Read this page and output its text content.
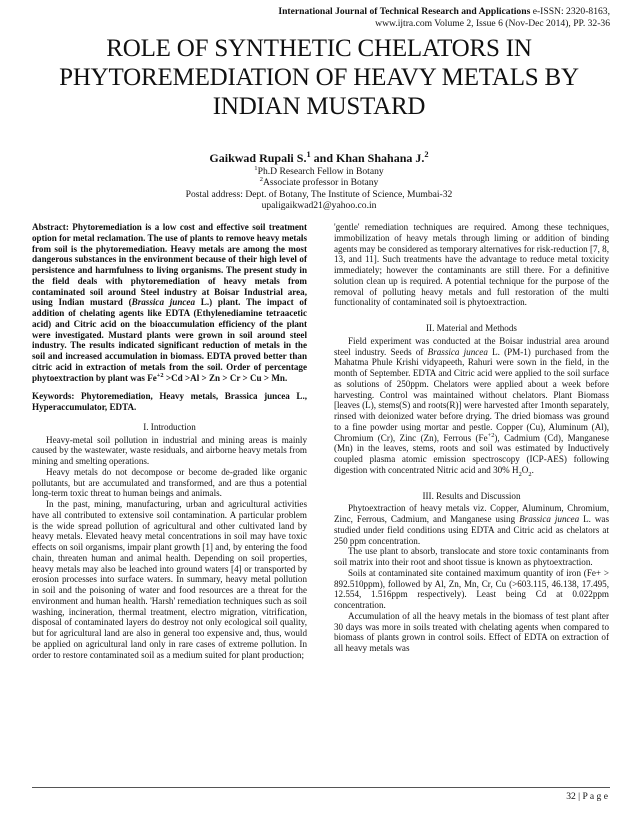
International Journal of Technical Research and Applications e-ISSN: 2320-8163,
www.ijtra.com Volume 2, Issue 6 (Nov-Dec 2014), PP. 32-36
ROLE OF SYNTHETIC CHELATORS IN PHYTOREMEDIATION OF HEAVY METALS BY INDIAN MUSTARD
Gaikwad Rupali S.$^1$ and Khan Shahana J.$^2$
$^1$Ph.D Research Fellow in Botany
$^2$Associate professor in Botany
Postal address: Dept. of Botany, The Institute of Science, Mumbai-32
upaligaikwad21@yahoo.co.in

Abstract: Phytoremediation is a low cost and effective soil treatment option for metal reclamation. The use of plants to remove heavy metals from soil is the phytoremediation. Heavy metals are among the most dangerous substances in the environment because of their high level of persistence and harmfulness to living organisms. The present study in the field deals with phytoremediation of heavy metals from contaminated soil around Steel industry at Boisar Industrial area, using Indian mustard (Brassica juncea L.) plant. The impact of addition of chelating agents like EDTA (Ethylenediamine tetraacetic acid) and Citric acid on the bioaccumulation efficiency of the plant were investigated. Mustard plants were grown in soil around steel industry. The results indicated significant reduction of metals in the soil and increased accumulation in biomass. EDTA proved better than citric acid in extraction of metals from the soil. Order of percentage phytoextraction by plant was $Fe^{+2} >Cd >Al > Zn > Cr > Cu > Mn$.

Keywords: Phytoremediation, Heavy metals, Brassica juncea L., Hyperaccumulator, EDTA.

I. Introduction

Heavy-metal soil pollution in industrial and mining areas is mainly caused by the wastewater, waste residuals, and airborne heavy metals from mining and smelting operations.

Heavy metals do not decompose or become de-graded like organic pollutants, but are accumulated and transformed, and are thus a potential long-term toxic threat to human beings and animals.

In the past, mining, manufacturing, urban and agricultural activities have all contributed to extensive soil contamination. A particular problem is the wide spread pollution of agricultural and other cultivated land by heavy metals. Elevated heavy metal concentrations in soil may have toxic effects on soil organisms, impair plant growth [1] and, by entering the food chain, threaten human and animal health. Depending on soil properties, heavy metals may also be leached into ground waters [4] or transported by erosion processes into surface waters. In summary, heavy metal pollution in soil and the poisoning of water and food resources are a threat for the environment and human health. 'Harsh' remediation techniques such as soil washing, incineration, thermal treatment, electro migration, vitrification, disposal of contaminated layers do destroy not only ecological soil quality, but for agricultural land are also in general too expensive and, thus, would be applied on agricultural land only in rare cases of extreme pollution. In order to restore contaminated soil as a medium suited for plant production;

'gentle' remediation techniques are required. Among these techniques, immobilization of heavy metals through liming or addition of binding agents may be considered as temporary alternatives for risk-reduction [7, 8, 13, and 11]. Such treatments have the advantage to reduce metal toxicity immediately; however the contaminants are still there. For a definitive solution clean up is required. A potential technique for the purpose of the removal of polluting heavy metals and full restoration of the multi functionality of contaminated soil is phytoextraction.

II. Material and Methods

Field experiment was conducted at the Boisar industrial area around steel industry. Seeds of Brassica juncea L. (PM-1) purchased from the Mahatma Phule Krishi vidyapeeth, Rahuri were sown in the field, in the month of September. EDTA and Citric acid were applied to the soil surface as solutions of 250ppm. Chelators were applied about a week before harvesting. Control was maintained without chelators. Plant Biomass [leaves (L), stems(S) and roots(R)] were harvested after 1month separately, rinsed with deionized water before drying. The dried biomass was ground to a fine powder using mortar and pestle. Copper (Cu), Aluminum (Al), Chromium (Cr), Zinc (Zn), Ferrous $(Fe^{+2})$, Cadmium (Cd), Manganese (Mn) in the leaves, stems, roots and soil was estimated by Inductively coupled plasma atomic emission spectroscopy (ICP-AES) following digestion with concentrated Nitric acid and 30% $H_2O_2$.

III. Results and Discussion

Phytoextraction of heavy metals viz. Copper, Aluminum, Chromium, Zinc, Ferrous, Cadmium, and Manganese using Brassica juncea L. was studied under field conditions using EDTA and Citric acid as chelators at 250 ppm concentration.

The use plant to absorb, translocate and store toxic contaminants from soil matrix into their root and shoot tissue is known as phytoextraction.

Soils at contaminated site contained maximum quantity of iron (Fe+ > 892.510ppm), followed by Al, Zn, Mn, Cr, Cu (>603.115, 46.138, 17.495, 12.554, 1.516ppm respectively). Least being Cd at 0.022ppm concentration.

Accumulation of all the heavy metals in the biomass of test plant after 30 days was more in soils treated with chelating agents when compared to biomass of plants grown in control soils. Effect of EDTA on extraction of all heavy metals was

32 | P a g e
